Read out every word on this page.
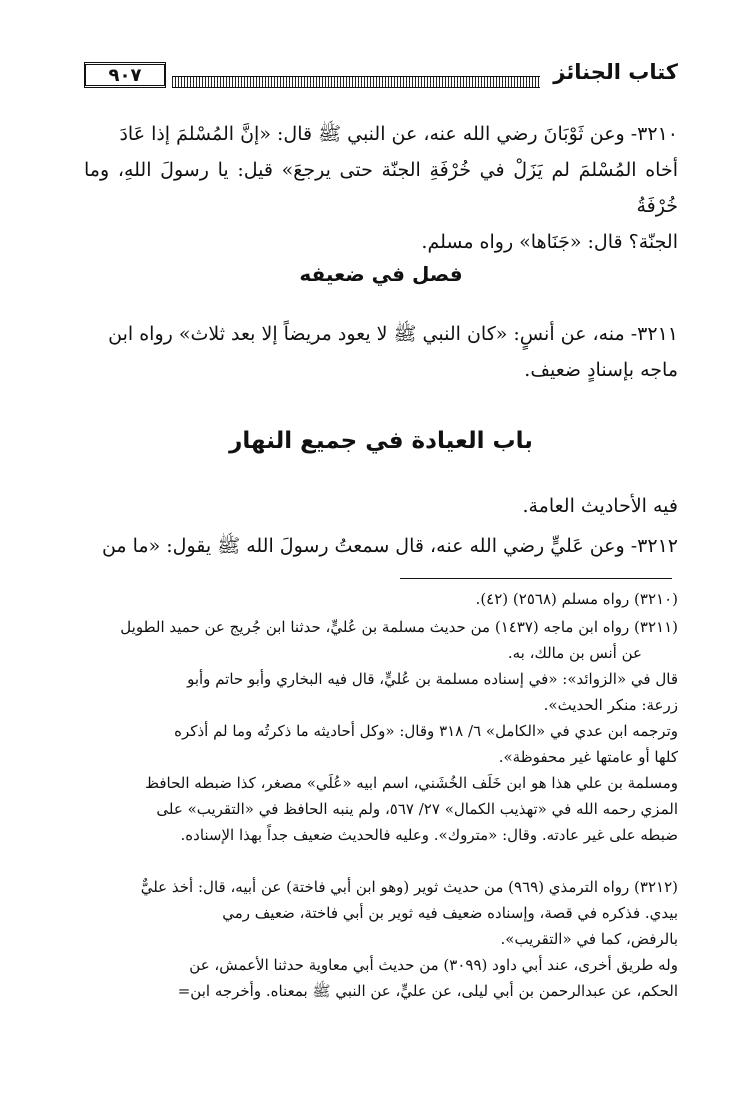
كتاب الجنائز
٩٠٧
٣٢١٠- وعن ثَوْبَانَ رضي الله عنه، عن النبي ﷺ قال: «إنَّ المُسْلمَ إذا عَادَ
أخاه المُسْلمَ لم يَزَلْ في خُرْفَةِ الجنّة حتى يرجعَ» قيل: يا رسولَ اللهِ، وما خُرْفَةُ
الجنّة؟ قال: «جَنَاها» رواه مسلم.
فصل في ضعيفه
٣٢١١- منه، عن أنسٍ: «كان النبي ﷺ لا يعود مريضاً إلا بعد ثلاث» رواه ابن
ماجه بإسنادٍ ضعيف.
باب العيادة في جميع النهار
فيه الأحاديث العامة.
٣٢١٢- وعن عَليٍّ رضي الله عنه، قال سمعتُ رسولَ الله ﷺ يقول: «ما من
(٣٢١٠) رواه مسلم (٢٥٦٨) (٤٢).
(٣٢١١) رواه ابن ماجه (١٤٣٧) من حديث مسلمة بن عُليٍّ، حدثنا ابن جُريج عن حميد الطويل
عن أنس بن مالك، به.
قال في «الزوائد»: «في إسناده مسلمة بن عُليٍّ، قال فيه البخاري وأبو حاتم وأبو
زرعة: منكر الحديث».
وترجمه ابن عدي في «الكامل» ٦/ ٣١٨ وقال: «وكل أحاديثه ما ذكرتُه وما لم أذكره
كلها أو عامتها غير محفوظة».
ومسلمة بن علي هذا هو ابن خَلَف الخُشَني، اسم ابيه «عُلَي» مصغر، كذا ضبطه الحافظ
المزي رحمه الله في «تهذيب الكمال» ٢٧/ ٥٦٧، ولم ينبه الحافظ في «التقريب» على
ضبطه على غير عادته. وقال: «متروك». وعليه فالحديث ضعيف جداً بهذا الإسناده.
(٣٢١٢) رواه الترمذي (٩٦٩) من حديث ثوير (وهو ابن أبي فاختة) عن أبيه، قال: أخذ عليٌّ
بيدي. فذكره في قصة، وإسناده ضعيف فيه ثوير بن أبي فاختة، ضعيف رمي
بالرفض، كما في «التقريب».
وله طريق أخرى، عند أبي داود (٣٠٩٩) من حديث أبي معاوية حدثنا الأعمش، عن
الحكم، عن عبدالرحمن بن أبي ليلى، عن عليٍّ، عن النبي ﷺ بمعناه. وأخرجه ابن=
